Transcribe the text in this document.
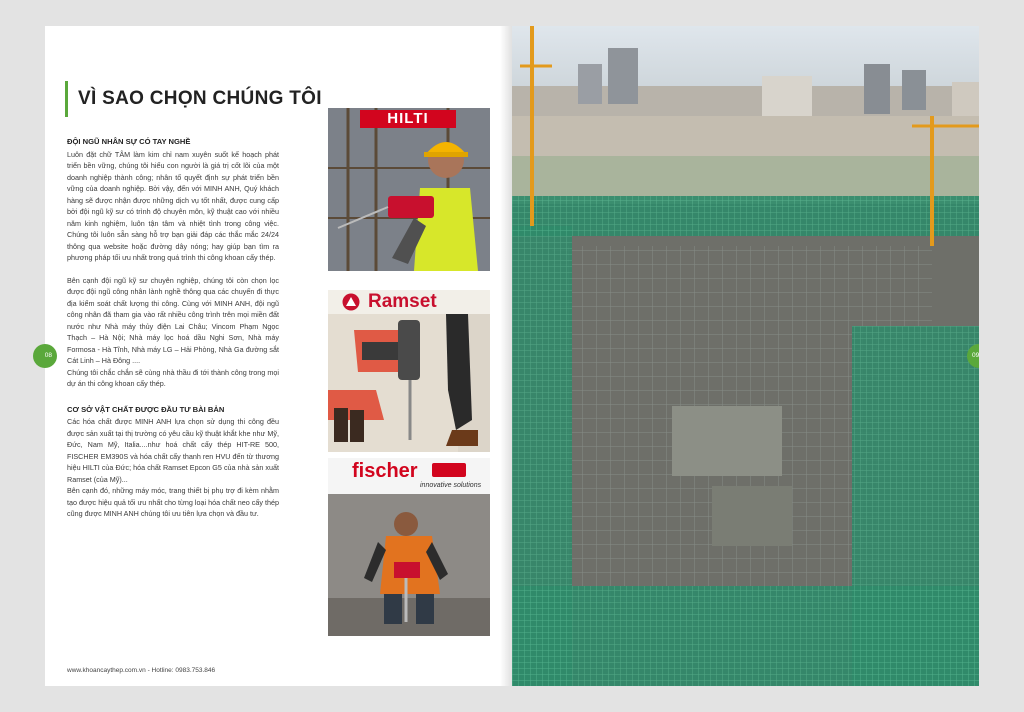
VÌ SAO CHỌN CHÚNG TÔI
ĐỘI NGŨ NHÂN SỰ CÓ TAY NGHỀ

Luôn đặt chữ TÂM làm kim chỉ nam xuyên suốt kế hoạch phát triển bền vững, chúng tôi hiểu con người là giá trị cốt lõi của một doanh nghiệp thành công; nhân tố quyết định sự phát triển bền vững của doanh nghiệp. Bởi vậy, đến với MINH ANH, Quý khách hàng sẽ được nhận được những dịch vụ tốt nhất, được cung cấp bởi đội ngũ kỹ sư có trình độ chuyên môn, kỹ thuật cao với nhiều năm kinh nghiệm, luôn tận tâm và nhiệt tình trong công việc. Chúng tôi luôn sẵn sàng hỗ trợ bạn giải đáp các thắc mắc 24/24 thông qua website hoặc đường dây nóng; hay giúp bạn tìm ra phương pháp tối ưu nhất trong quá trình thi công khoan cấy thép.

Bên cạnh đội ngũ kỹ sư chuyên nghiệp, chúng tôi còn chọn lọc được đội ngũ công nhân lành nghề thông qua các chuyến đi thực địa kiểm soát chất lượng thi công. Cùng với MINH ANH, đội ngũ công nhân đã tham gia vào rất nhiều công trình trên mọi miền đất nước như Nhà máy thủy điện Lai Châu; Vincom Phạm Ngọc Thạch – Hà Nội; Nhà máy lọc hoá dầu Nghi Sơn, Nhà máy Formosa - Hà Tĩnh, Nhà máy LG – Hải Phòng, Nhà Ga đường sắt Cát Linh – Hà Đông ....

Chúng tôi chắc chắn sẽ cùng nhà thầu đi tới thành công trong mọi dự án thi công khoan cấy thép.

CƠ SỞ VẬT CHẤT ĐƯỢC ĐẦU TƯ BÀI BẢN

Các hóa chất được MINH ANH lựa chọn sử dụng thi công đều được sản xuất tại thị trường có yêu cầu kỹ thuật khắt khe như Mỹ, Đức, Nam Mỹ, Italia....như hoá chất cấy thép HIT-RE 500, FISCHER EM390S và hóa chất cấy thanh ren HVU đến từ thương hiệu HILTI của Đức; hóa chất Ramset Epcon G5 của nhà sản xuất Ramset (của Mỹ)...

Bên cạnh đó, những máy móc, trang thiết bị phụ trợ đi kèm nhằm tạo được hiệu quả tối ưu nhất cho từng loại hóa chất neo cấy thép cũng được MINH ANH chúng tôi ưu tiên lựa chọn và đầu tư.

HILTI
Ramset
fischer
innovative solutions
08
www.khoancaythep.com.vn - Hotline: 0983.753.846
09
